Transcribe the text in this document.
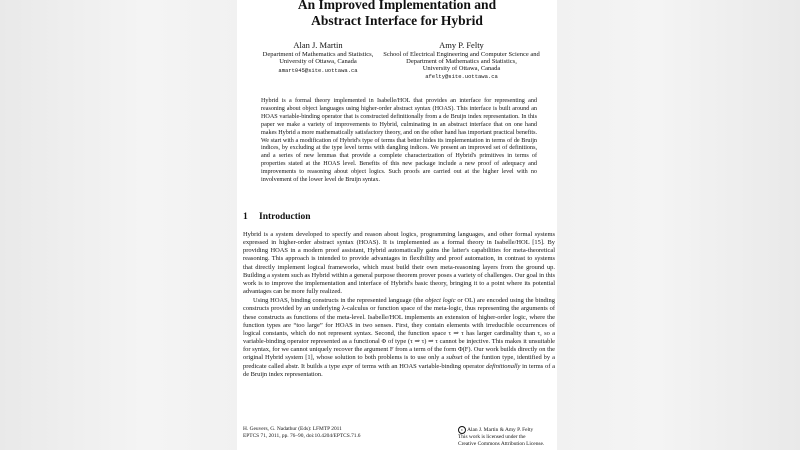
An Improved Implementation and
Abstract Interface for Hybrid
Alan J. Martin
Department of Mathematics and Statistics,
University of Ottawa, Canada
amart045@site.uottawa.ca
Amy P. Felty
School of Electrical Engineering and Computer Science and
Department of Mathematics and Statistics,
University of Ottawa, Canada
afelty@site.uottawa.ca
Hybrid is a formal theory implemented in Isabelle/HOL that provides an interface for representing and reasoning about object languages using higher-order abstract syntax (HOAS). This interface is built around an HOAS variable-binding operator that is constructed definitionally from a de Bruijn index representation. In this paper we make a variety of improvements to Hybrid, culminating in an abstract interface that on one hand makes Hybrid a more mathematically satisfactory theory, and on the other hand has important practical benefits. We start with a modification of Hybrid's type of terms that better hides its implementation in terms of de Bruijn indices, by excluding at the type level terms with dangling indices. We present an improved set of definitions, and a series of new lemmas that provide a complete characterization of Hybrid's primitives in terms of properties stated at the HOAS level. Benefits of this new package include a new proof of adequacy and improvements to reasoning about object logics. Such proofs are carried out at the higher level with no involvement of the lower level de Bruijn syntax.
1 Introduction

Hybrid is a system developed to specify and reason about logics, programming languages, and other formal systems expressed in higher-order abstract syntax (HOAS). It is implemented as a formal theory in Isabelle/HOL [15]. By providing HOAS in a modern proof assistant, Hybrid automatically gains the latter's capabilities for meta-theoretical reasoning. This approach is intended to provide advantages in flexibility and proof automation, in contrast to systems that directly implement logical frameworks, which must build their own meta-reasoning layers from the ground up. Building a system such as Hybrid within a general purpose theorem prover poses a variety of challenges. Our goal in this work is to improve the implementation and interface of Hybrid's basic theory, bringing it to a point where its potential advantages can be more fully realized.

Using HOAS, binding constructs in the represented language (the object logic or OL) are encoded using the binding constructs provided by an underlying λ-calculus or function space of the meta-logic, thus representing the arguments of these constructs as functions of the meta-level. Isabelle/HOL implements an extension of higher-order logic, where the function types are “too large” for HOAS in two senses. First, they contain elements with irreducible occurrences of logical constants, which do not represent syntax. Second, the function space τ ⇒ τ has larger cardinality than τ, so a variable-binding operator represented as a functional Φ of type (τ ⇒ τ) ⇒ τ cannot be injective. This makes it unsuitable for syntax, for we cannot uniquely recover the argument F from a term of the form Φ(F). Our work builds directly on the original Hybrid system [1], whose solution to both problems is to use only a subset of the funtion type, identified by a predicate called abstr. It builds a type expr of terms with an HOAS variable-binding operator definitionally in terms of a de Bruijn index representation.

H. Geuvers, G. Nadathur (Eds): LFMTP 2011
EPTCS 71, 2011, pp. 76–90, doi:10.4204/EPTCS.71.6
c Alan J. Martin & Amy P. Felty
This work is licensed under the
Creative Commons Attribution License.
